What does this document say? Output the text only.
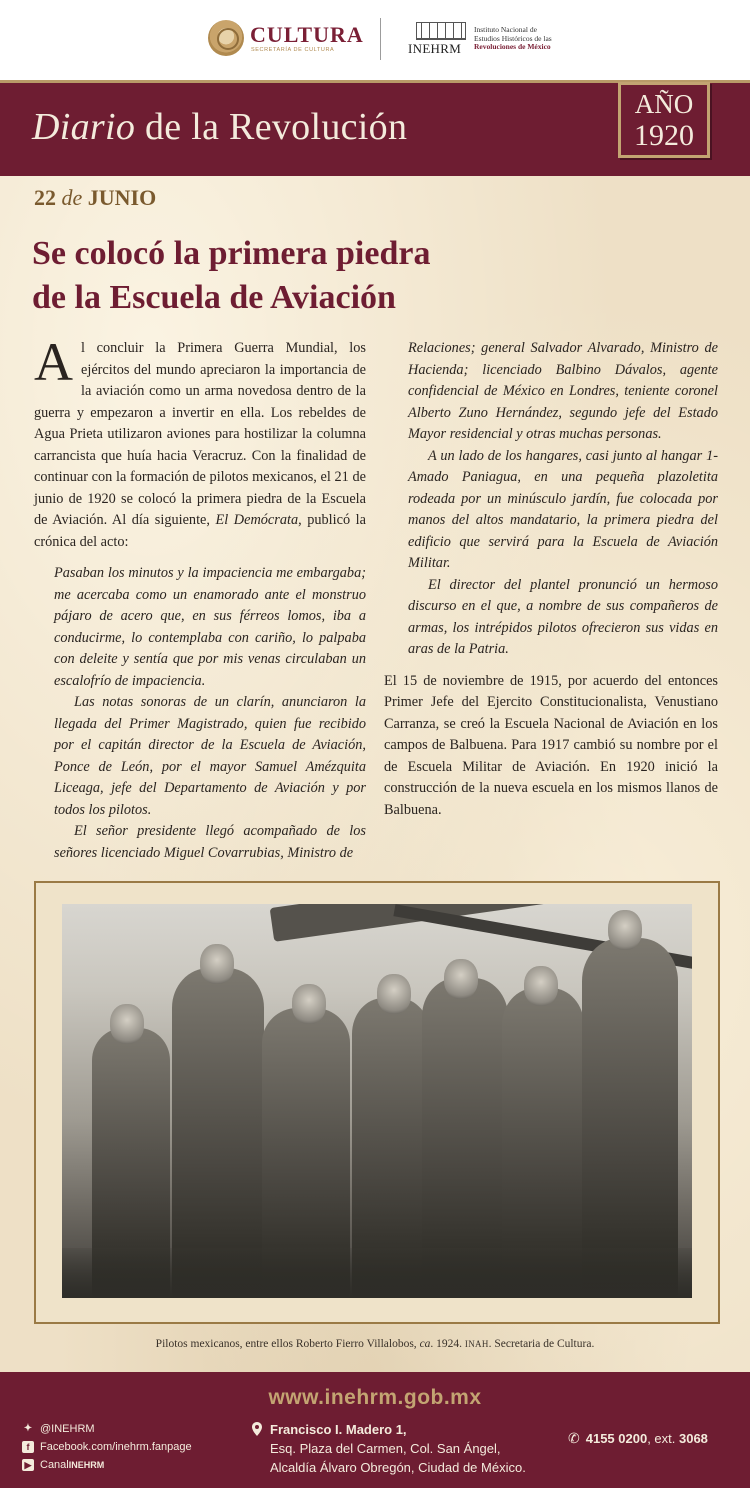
CULTURA
SECRETARÍA DE CULTURA	INEHRM
Instituto Nacional de
Estudios Históricos de las
Revoluciones de México
Diario de la Revolución
AÑO
1920
22 de JUNIO
Se colocó la primera piedra
de la Escuela de Aviación

Al concluir la Primera Guerra Mundial, los ejércitos del mundo apreciaron la importancia de la aviación como un arma novedosa dentro de la guerra y empezaron a invertir en ella. Los rebeldes de Agua Prieta utilizaron aviones para hostilizar la columna carrancista que huía hacia Veracruz. Con la finalidad de continuar con la formación de pilotos mexicanos, el 21 de junio de 1920 se colocó la primera piedra de la Escuela de Aviación. Al día siguiente, El Demócrata, publicó la crónica del acto:

Pasaban los minutos y la impaciencia me embargaba; me acercaba como un enamorado ante el monstruo pájaro de acero que, en sus férreos lomos, iba a conducirme, lo contemplaba con cariño, lo palpaba con deleite y sentía que por mis venas circulaban un escalofrío de impaciencia.

Las notas sonoras de un clarín, anunciaron la llegada del Primer Magistrado, quien fue recibido por el capitán director de la Escuela de Aviación, Ponce de León, por el mayor Samuel Amézquita Liceaga, jefe del Departamento de Aviación y por todos los pilotos.

El señor presidente llegó acompañado de los señores licenciado Miguel Covarrubias, Ministro de

Relaciones; general Salvador Alvarado, Ministro de Hacienda; licenciado Balbino Dávalos, agente confidencial de México en Londres, teniente coronel Alberto Zuno Hernández, segundo jefe del Estado Mayor residencial y otras muchas personas.

A un lado de los hangares, casi junto al hangar 1-Amado Paniagua, en una pequeña plazoletita rodeada por un minúsculo jardín, fue colocada por manos del altos mandatario, la primera piedra del edificio que servirá para la Escuela de Aviación Militar.

El director del plantel pronunció un hermoso discurso en el que, a nombre de sus compañeros de armas, los intrépidos pilotos ofrecieron sus vidas en aras de la Patria.

El 15 de noviembre de 1915, por acuerdo del entonces Primer Jefe del Ejercito Constitucionalista, Venustiano Carranza, se creó la Escuela Nacional de Aviación en los campos de Balbuena. Para 1917 cambió su nombre por el de Escuela Militar de Aviación. En 1920 inició la construcción de la nueva escuela en los mismos llanos de Balbuena.

Pilotos mexicanos, entre ellos Roberto Fierro Villalobos, ca. 1924. INAH. Secretaria de Cultura.
www.inehrm.gob.mx
✦ @INEHRM
f Facebook.com/inehrm.fanpage
▶ Canal INEHRM
Francisco I. Madero 1,
Esq. Plaza del Carmen, Col. San Ángel,
Alcaldía Álvaro Obregón, Ciudad de México.
✆ 4155 0200, ext. 3068
